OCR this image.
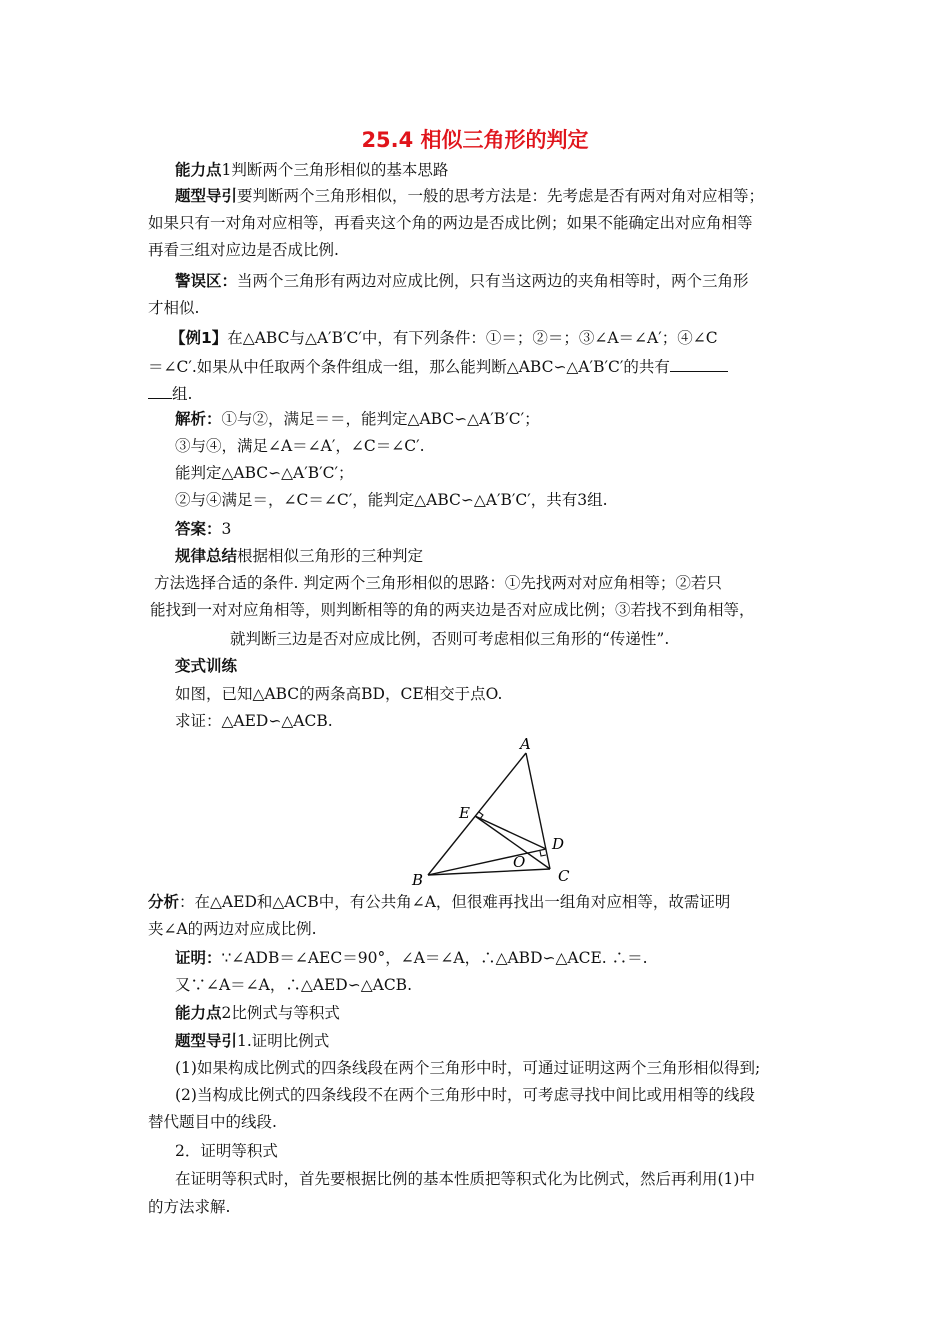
25.4 相似三角形的判定
能力点1判断两个三角形相似的基本思路
题型导引要判断两个三角形相似，一般的思考方法是：先考虑是否有两对角对应相等；
如果只有一对角对应相等，再看夹这个角的两边是否成比例；如果不能确定出对应角相等
再看三组对应边是否成比例.
警误区：当两个三角形有两边对应成比例，只有当这两边的夹角相等时，两个三角形
才相似.
【例1】在△ABC与△A′B′C′中，有下列条件：①＝；②＝；③∠A＝∠A′；④∠C
＝∠C′.如果从中任取两个条件组成一组，那么能判断△ABC∽△A′B′C′的共有
组.
解析：①与②，满足＝＝，能判定△ABC∽△A′B′C′；
③与④，满足∠A＝∠A′，∠C＝∠C′.
能判定△ABC∽△A′B′C′；
②与④满足＝，∠C＝∠C′，能判定△ABC∽△A′B′C′，共有3组.
答案：3
规律总结根据相似三角形的三种判定
方法选择合适的条件. 判定两个三角形相似的思路：①先找两对对应角相等；②若只
能找到一对对应角相等，则判断相等的角的两夹边是否对应成比例；③若找不到角相等，
就判断三边是否对应成比例，否则可考虑相似三角形的“传递性”.
变式训练
如图，已知△ABC的两条高BD，CE相交于点O.
求证：△AED∽△ACB.
A
B	C
D
E
O
分析：在△AED和△ACB中，有公共角∠A，但很难再找出一组角对应相等，故需证明
夹∠A的两边对应成比例.
证明：∵∠ADB＝∠AEC＝90°，∠A＝∠A，∴△ABD∽△ACE. ∴＝.
又∵∠A＝∠A，∴△AED∽△ACB.
能力点2比例式与等积式
题型导引1.证明比例式
(1)如果构成比例式的四条线段在两个三角形中时，可通过证明这两个三角形相似得到;
(2)当构成比例式的四条线段不在两个三角形中时，可考虑寻找中间比或用相等的线段
替代题目中的线段.
2．证明等积式
在证明等积式时，首先要根据比例的基本性质把等积式化为比例式，然后再利用(1)中
的方法求解.
